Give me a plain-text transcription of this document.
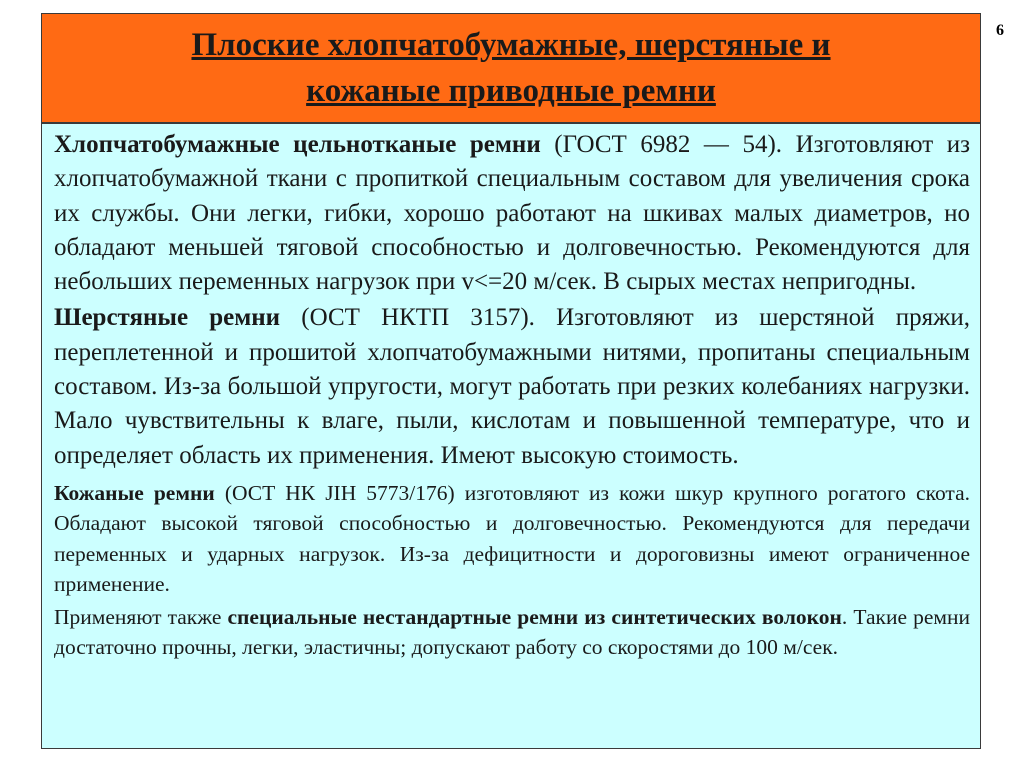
6
Плоские хлопчатобумажные, шерстяные и
кожаные приводные ремни

Хлопчатобумажные цельнотканые ремни (ГОСТ 6982 — 54). Изготовляют из хлопчатобумажной ткани с пропиткой специальным составом для увеличения срока их службы. Они легки, гибки, хорошо работают на шкивах малых диаметров, но обладают меньшей тяговой способностью и долговечностью. Рекомендуются для небольших переменных нагрузок при v<=20 м/сек. В сырых местах непригодны.

Шерстяные ремни (ОСТ НКТП 3157). Изготовляют из шерстяной пряжи, переплетенной и прошитой хлопчатобумажными нитями, пропитаны специальным составом. Из-за большой упругости, могут работать при резких колебаниях нагрузки. Мало чувствительны к влаге, пыли, кислотам и повышенной температуре, что и определяет область их применения. Имеют высокую стоимость.

Кожаные ремни (ОСТ НК ЈІН 5773/176) изготовляют из кожи шкур крупного рогатого скота. Обладают высокой тяговой способностью и долговечностью. Рекомендуются для передачи переменных и ударных нагрузок. Из-за дефицитности и дороговизны имеют ограниченное применение.

Применяют также специальные нестандартные ремни из синтетических волокон. Такие ремни достаточно прочны, легки, эластичны; допускают работу со скоростями до 100 м/сек.
